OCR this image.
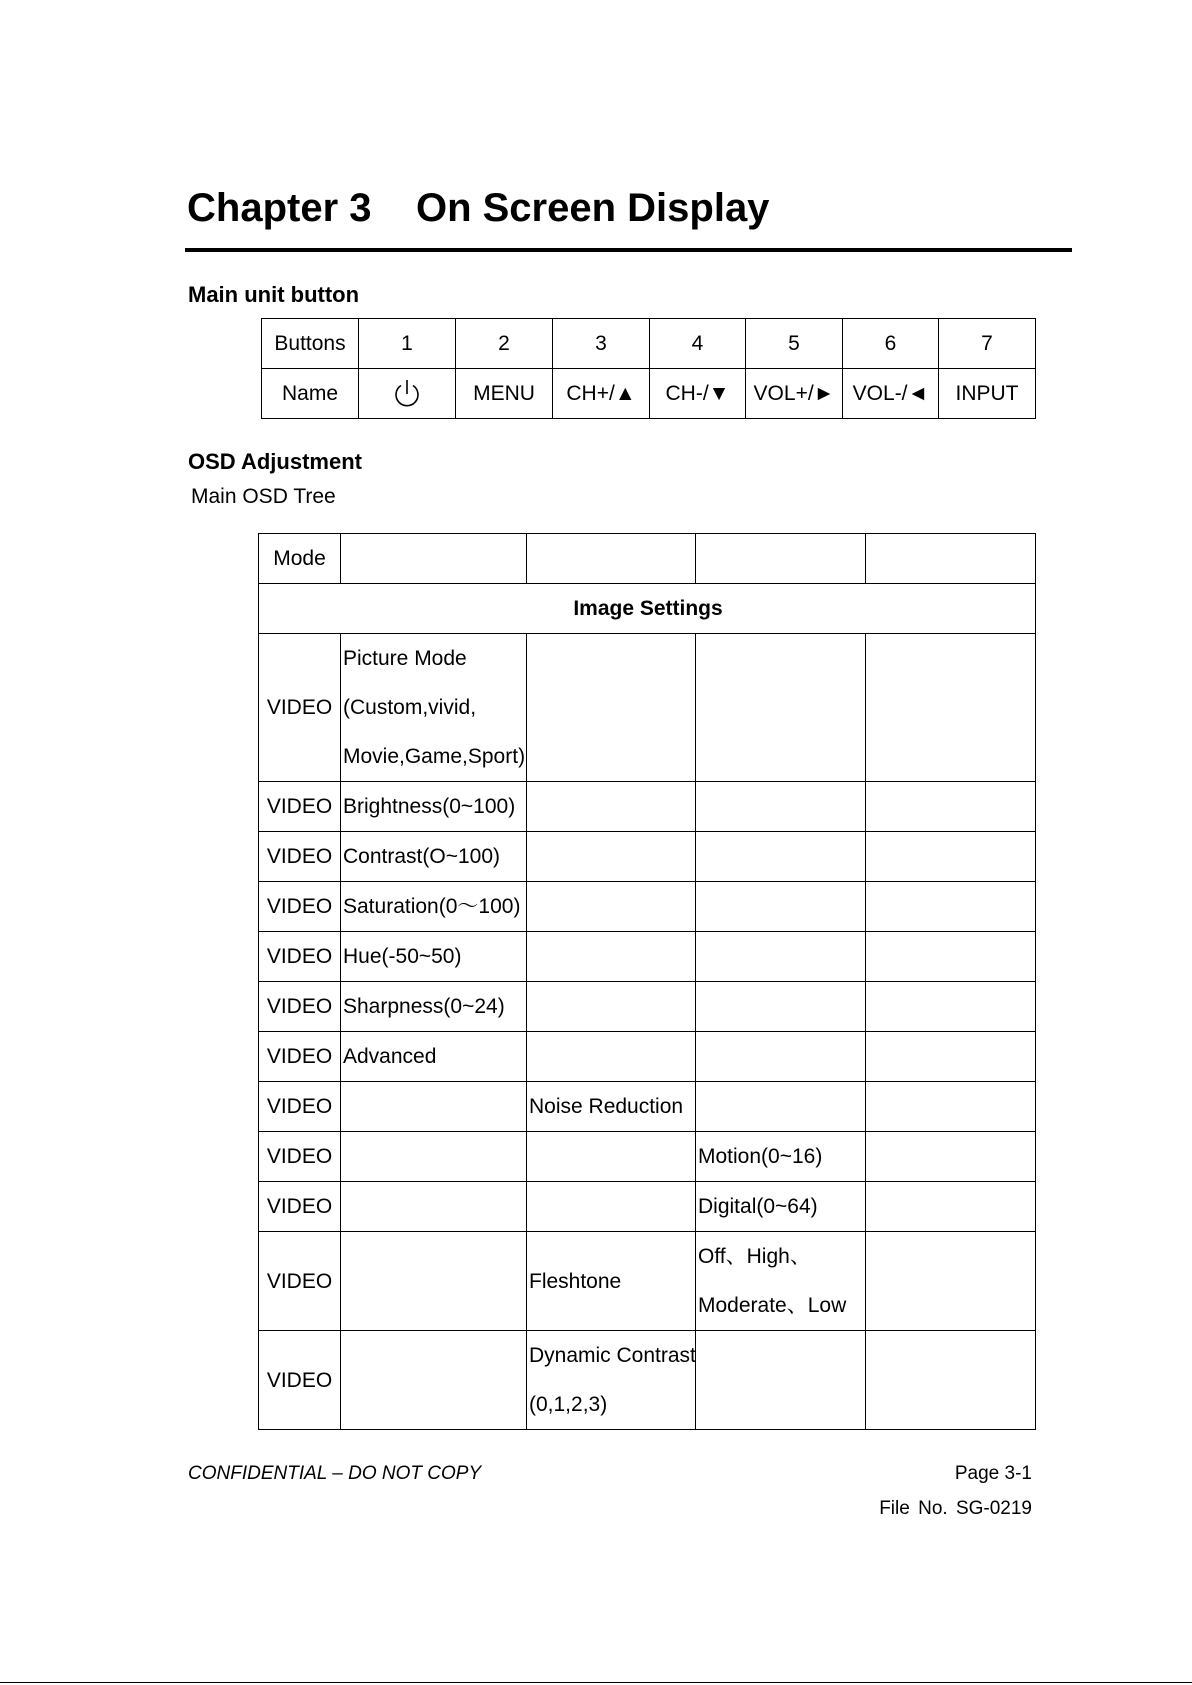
Chapter 3 On Screen Display
Main unit button
Buttons	1	2	3	4	5	6	7
Name		MENU	CH+/▲	CH-/▼	VOL+/►	VOL-/◄	INPUT
OSD Adjustment

Main OSD Tree

Mode				
Image Settings				
VIDEO	Picture Mode
(Custom,vivid,
Movie,Game,Sport)			

VIDEO	Brightness(0~100)			
VIDEO	Contrast(O~100)			
VIDEO	Saturation(0～100)			
VIDEO	Hue(-50~50)			
VIDEO	Sharpness(0~24)			
VIDEO	Advanced			
VIDEO		Noise Reduction		
VIDEO			Motion(0~16)	
VIDEO			Digital(0~64)	
VIDEO		Fleshtone	Off、High、
Moderate、Low	

VIDEO		Dynamic Contrast
(0,1,2,3)		

CONFIDENTIAL – DO NOT COPY	Page 3-1

File No. SG-0219
